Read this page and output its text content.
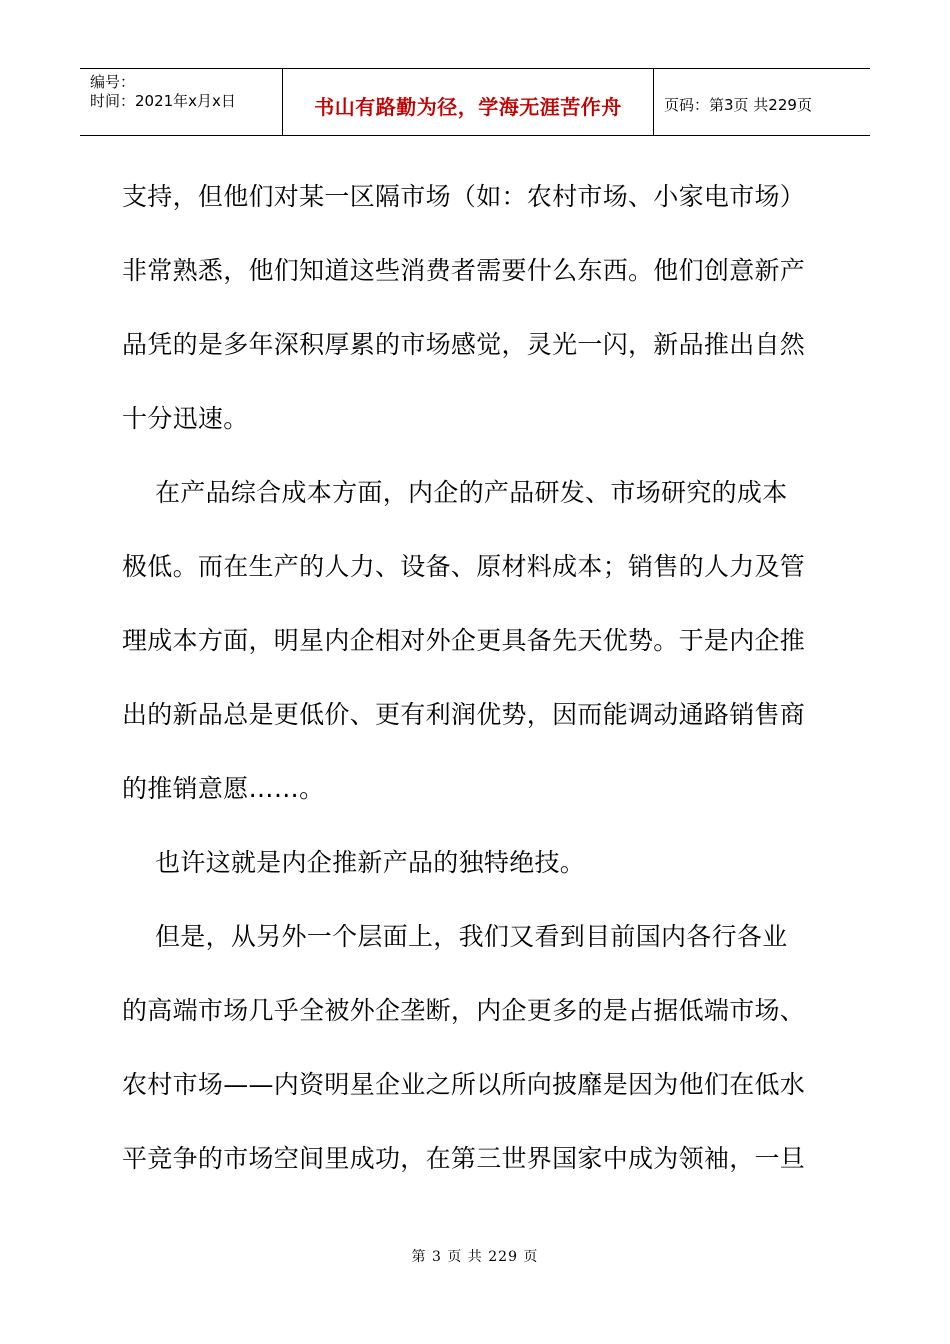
编号：
时间：2021年x月x日	书山有路勤为径，学海无涯苦作舟	页码：第3页 共229页
支持，但他们对某一区隔市场（如：农村市场、小家电市场）
非常熟悉，他们知道这些消费者需要什么东西。他们创意新产
品凭的是多年深积厚累的市场感觉，灵光一闪，新品推出自然
十分迅速。
在产品综合成本方面，内企的产品研发、市场研究的成本
极低。而在生产的人力、设备、原材料成本；销售的人力及管
理成本方面，明星内企相对外企更具备先天优势。于是内企推
出的新品总是更低价、更有利润优势，因而能调动通路销售商
的推销意愿……。
也许这就是内企推新产品的独特绝技。
但是，从另外一个层面上，我们又看到目前国内各行各业
的高端市场几乎全被外企垄断，内企更多的是占据低端市场、
农村市场——内资明星企业之所以所向披靡是因为他们在低水
平竞争的市场空间里成功，在第三世界国家中成为领袖，一旦
第 3 页 共 229 页
